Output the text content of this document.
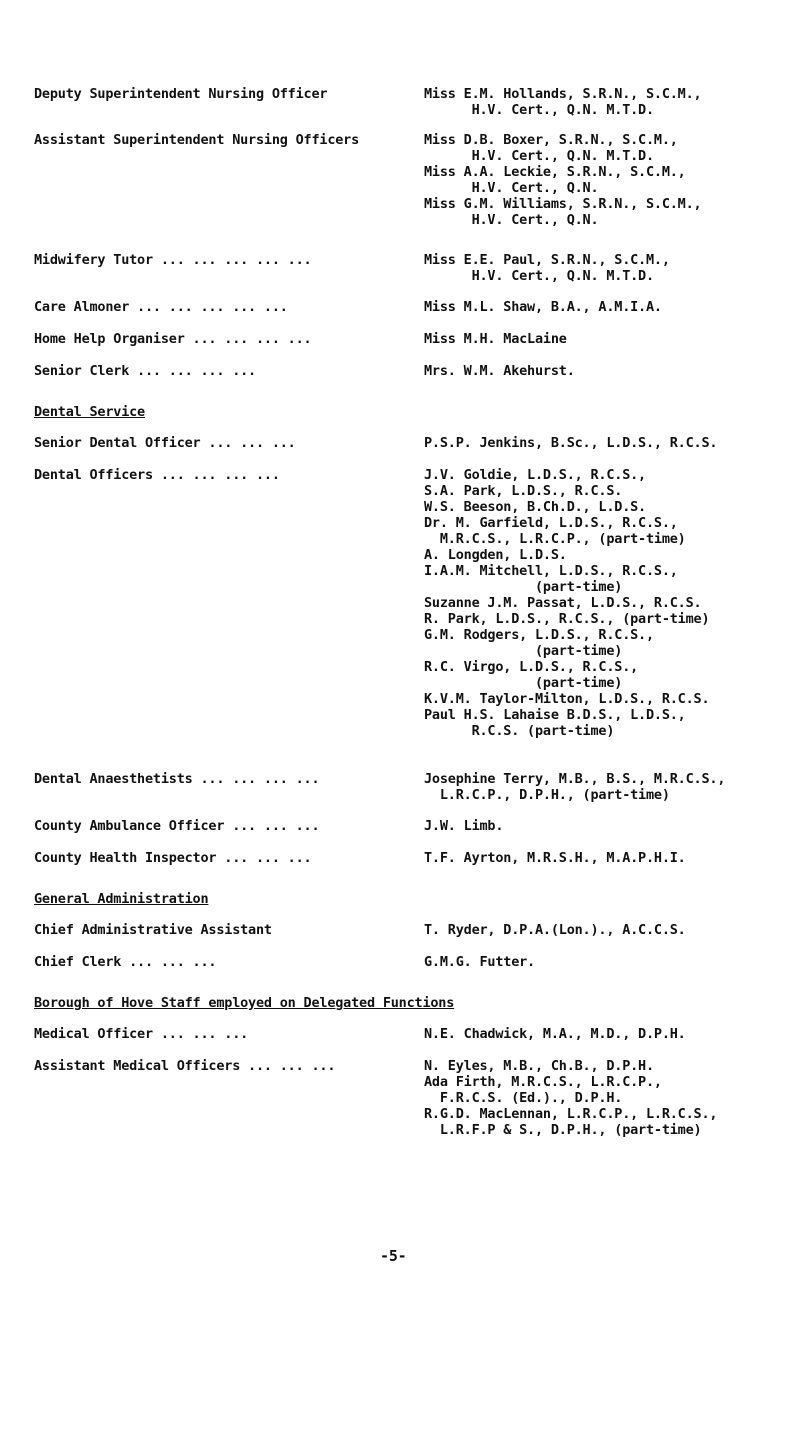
Deputy Superintendent Nursing Officer	Miss E.M. Hollands, S.R.N., S.C.M.,
H.V. Cert., Q.N. M.T.D.
Assistant Superintendent Nursing Officers	Miss D.B. Boxer, S.R.N., S.C.M.,
H.V. Cert., Q.N. M.T.D.
Miss A.A. Leckie, S.R.N., S.C.M.,
H.V. Cert., Q.N.
Miss G.M. Williams, S.R.N., S.C.M.,
H.V. Cert., Q.N.
Midwifery Tutor ... ... ... ... ...	Miss E.E. Paul, S.R.N., S.C.M.,
H.V. Cert., Q.N. M.T.D.
Care Almoner ... ... ... ... ...	Miss M.L. Shaw, B.A., A.M.I.A.
Home Help Organiser ... ... ... ...	Miss M.H. MacLaine
Senior Clerk ... ... ... ...	Mrs. W.M. Akehurst.
Dental Service
Senior Dental Officer ... ... ...	P.S.P. Jenkins, B.Sc., L.D.S., R.C.S.
Dental Officers ... ... ... ...	J.V. Goldie, L.D.S., R.C.S.,
S.A. Park, L.D.S., R.C.S.
W.S. Beeson, B.Ch.D., L.D.S.
Dr. M. Garfield, L.D.S., R.C.S.,
M.R.C.S., L.R.C.P., (part-time)
A. Longden, L.D.S.
I.A.M. Mitchell, L.D.S., R.C.S.,
(part-time)
Suzanne J.M. Passat, L.D.S., R.C.S.
R. Park, L.D.S., R.C.S., (part-time)
G.M. Rodgers, L.D.S., R.C.S.,
(part-time)
R.C. Virgo, L.D.S., R.C.S.,
(part-time)
K.V.M. Taylor-Milton, L.D.S., R.C.S.
Paul H.S. Lahaise B.D.S., L.D.S.,
R.C.S. (part-time)
Dental Anaesthetists ... ... ... ...	Josephine Terry, M.B., B.S., M.R.C.S.,
L.R.C.P., D.P.H., (part-time)
County Ambulance Officer ... ... ...	J.W. Limb.
County Health Inspector ... ... ...	T.F. Ayrton, M.R.S.H., M.A.P.H.I.
General Administration
Chief Administrative Assistant	T. Ryder, D.P.A.(Lon.)., A.C.C.S.
Chief Clerk ... ... ...	G.M.G. Futter.
Borough of Hove Staff employed on Delegated Functions
Medical Officer ... ... ...	N.E. Chadwick, M.A., M.D., D.P.H.
Assistant Medical Officers ... ... ...	N. Eyles, M.B., Ch.B., D.P.H.
Ada Firth, M.R.C.S., L.R.C.P.,
F.R.C.S. (Ed.)., D.P.H.
R.G.D. MacLennan, L.R.C.P., L.R.C.S.,
L.R.F.P & S., D.P.H., (part-time)
-5-
